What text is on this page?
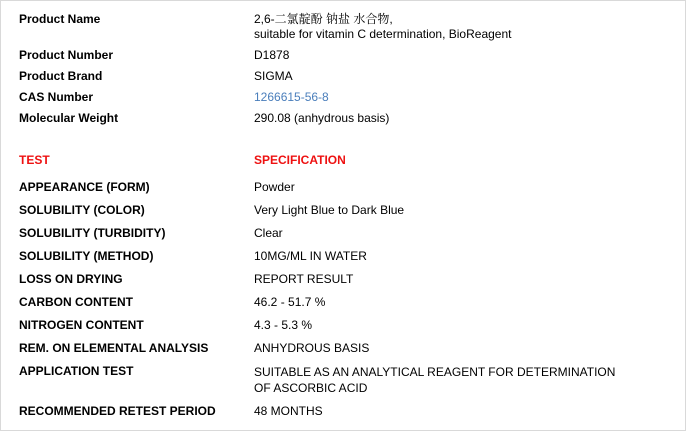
Product Name	2,6-二氯靛酚 钠盐 水合物,
suitable for vitamin C determination, BioReagent

Product Number	D1878
Product Brand	SIGMA
CAS Number	1266615-56-8
Molecular Weight	290.08 (anhydrous basis)

TEST	SPECIFICATION
APPEARANCE (FORM)	Powder
SOLUBILITY (COLOR)	Very Light Blue to Dark Blue
SOLUBILITY (TURBIDITY)	Clear
SOLUBILITY (METHOD)	10MG/ML IN WATER
LOSS ON DRYING	REPORT RESULT
CARBON CONTENT	46.2 - 51.7 %
NITROGEN CONTENT	4.3 - 5.3 %
REM. ON ELEMENTAL ANALYSIS	ANHYDROUS BASIS
APPLICATION TEST	SUITABLE AS AN ANALYTICAL REAGENT FOR DETERMINATION
OF ASCORBIC ACID

RECOMMENDED RETEST PERIOD	48 MONTHS
